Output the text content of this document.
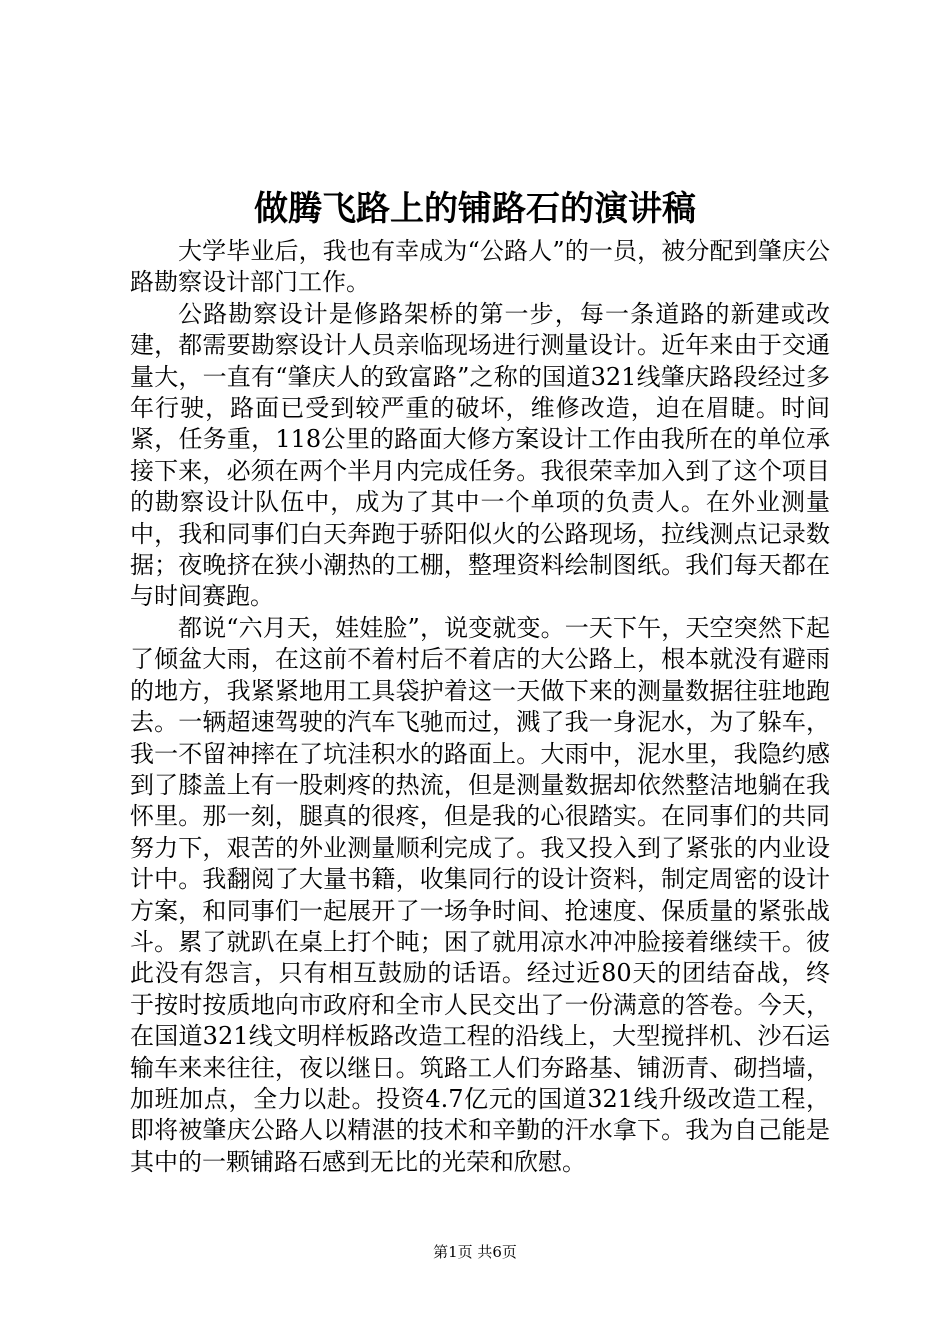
做腾飞路上的铺路石的演讲稿

大学毕业后，我也有幸成为“公路人”的一员，被分配到肇庆公路勘察设计部门工作。

公路勘察设计是修路架桥的第一步，每一条道路的新建或改建，都需要勘察设计人员亲临现场进行测量设计。近年来由于交通量大，一直有“肇庆人的致富路”之称的国道321线肇庆路段经过多年行驶，路面已受到较严重的破坏，维修改造，迫在眉睫。时间紧，任务重，118公里的路面大修方案设计工作由我所在的单位承接下来，必须在两个半月内完成任务。我很荣幸加入到了这个项目的勘察设计队伍中，成为了其中一个单项的负责人。在外业测量中，我和同事们白天奔跑于骄阳似火的公路现场，拉线测点记录数据；夜晚挤在狭小潮热的工棚，整理资料绘制图纸。我们每天都在与时间赛跑。

都说“六月天，娃娃脸”，说变就变。一天下午，天空突然下起了倾盆大雨，在这前不着村后不着店的大公路上，根本就没有避雨的地方，我紧紧地用工具袋护着这一天做下来的测量数据往驻地跑去。一辆超速驾驶的汽车飞驰而过，溅了我一身泥水，为了躲车，我一不留神摔在了坑洼积水的路面上。大雨中，泥水里，我隐约感到了膝盖上有一股刺疼的热流，但是测量数据却依然整洁地躺在我怀里。那一刻，腿真的很疼，但是我的心很踏实。在同事们的共同努力下，艰苦的外业测量顺利完成了。我又投入到了紧张的内业设计中。我翻阅了大量书籍，收集同行的设计资料，制定周密的设计方案，和同事们一起展开了一场争时间、抢速度、保质量的紧张战斗。累了就趴在桌上打个盹；困了就用凉水冲冲脸接着继续干。彼此没有怨言，只有相互鼓励的话语。经过近80天的团结奋战，终于按时按质地向市政府和全市人民交出了一份满意的答卷。今天，在国道321线文明样板路改造工程的沿线上，大型搅拌机、沙石运输车来来往往，夜以继日。筑路工人们夯路基、铺沥青、砌挡墙，加班加点，全力以赴。投资4.7亿元的国道321线升级改造工程，即将被肇庆公路人以精湛的技术和辛勤的汗水拿下。我为自己能是其中的一颗铺路石感到无比的光荣和欣慰。

第1页 共6页
